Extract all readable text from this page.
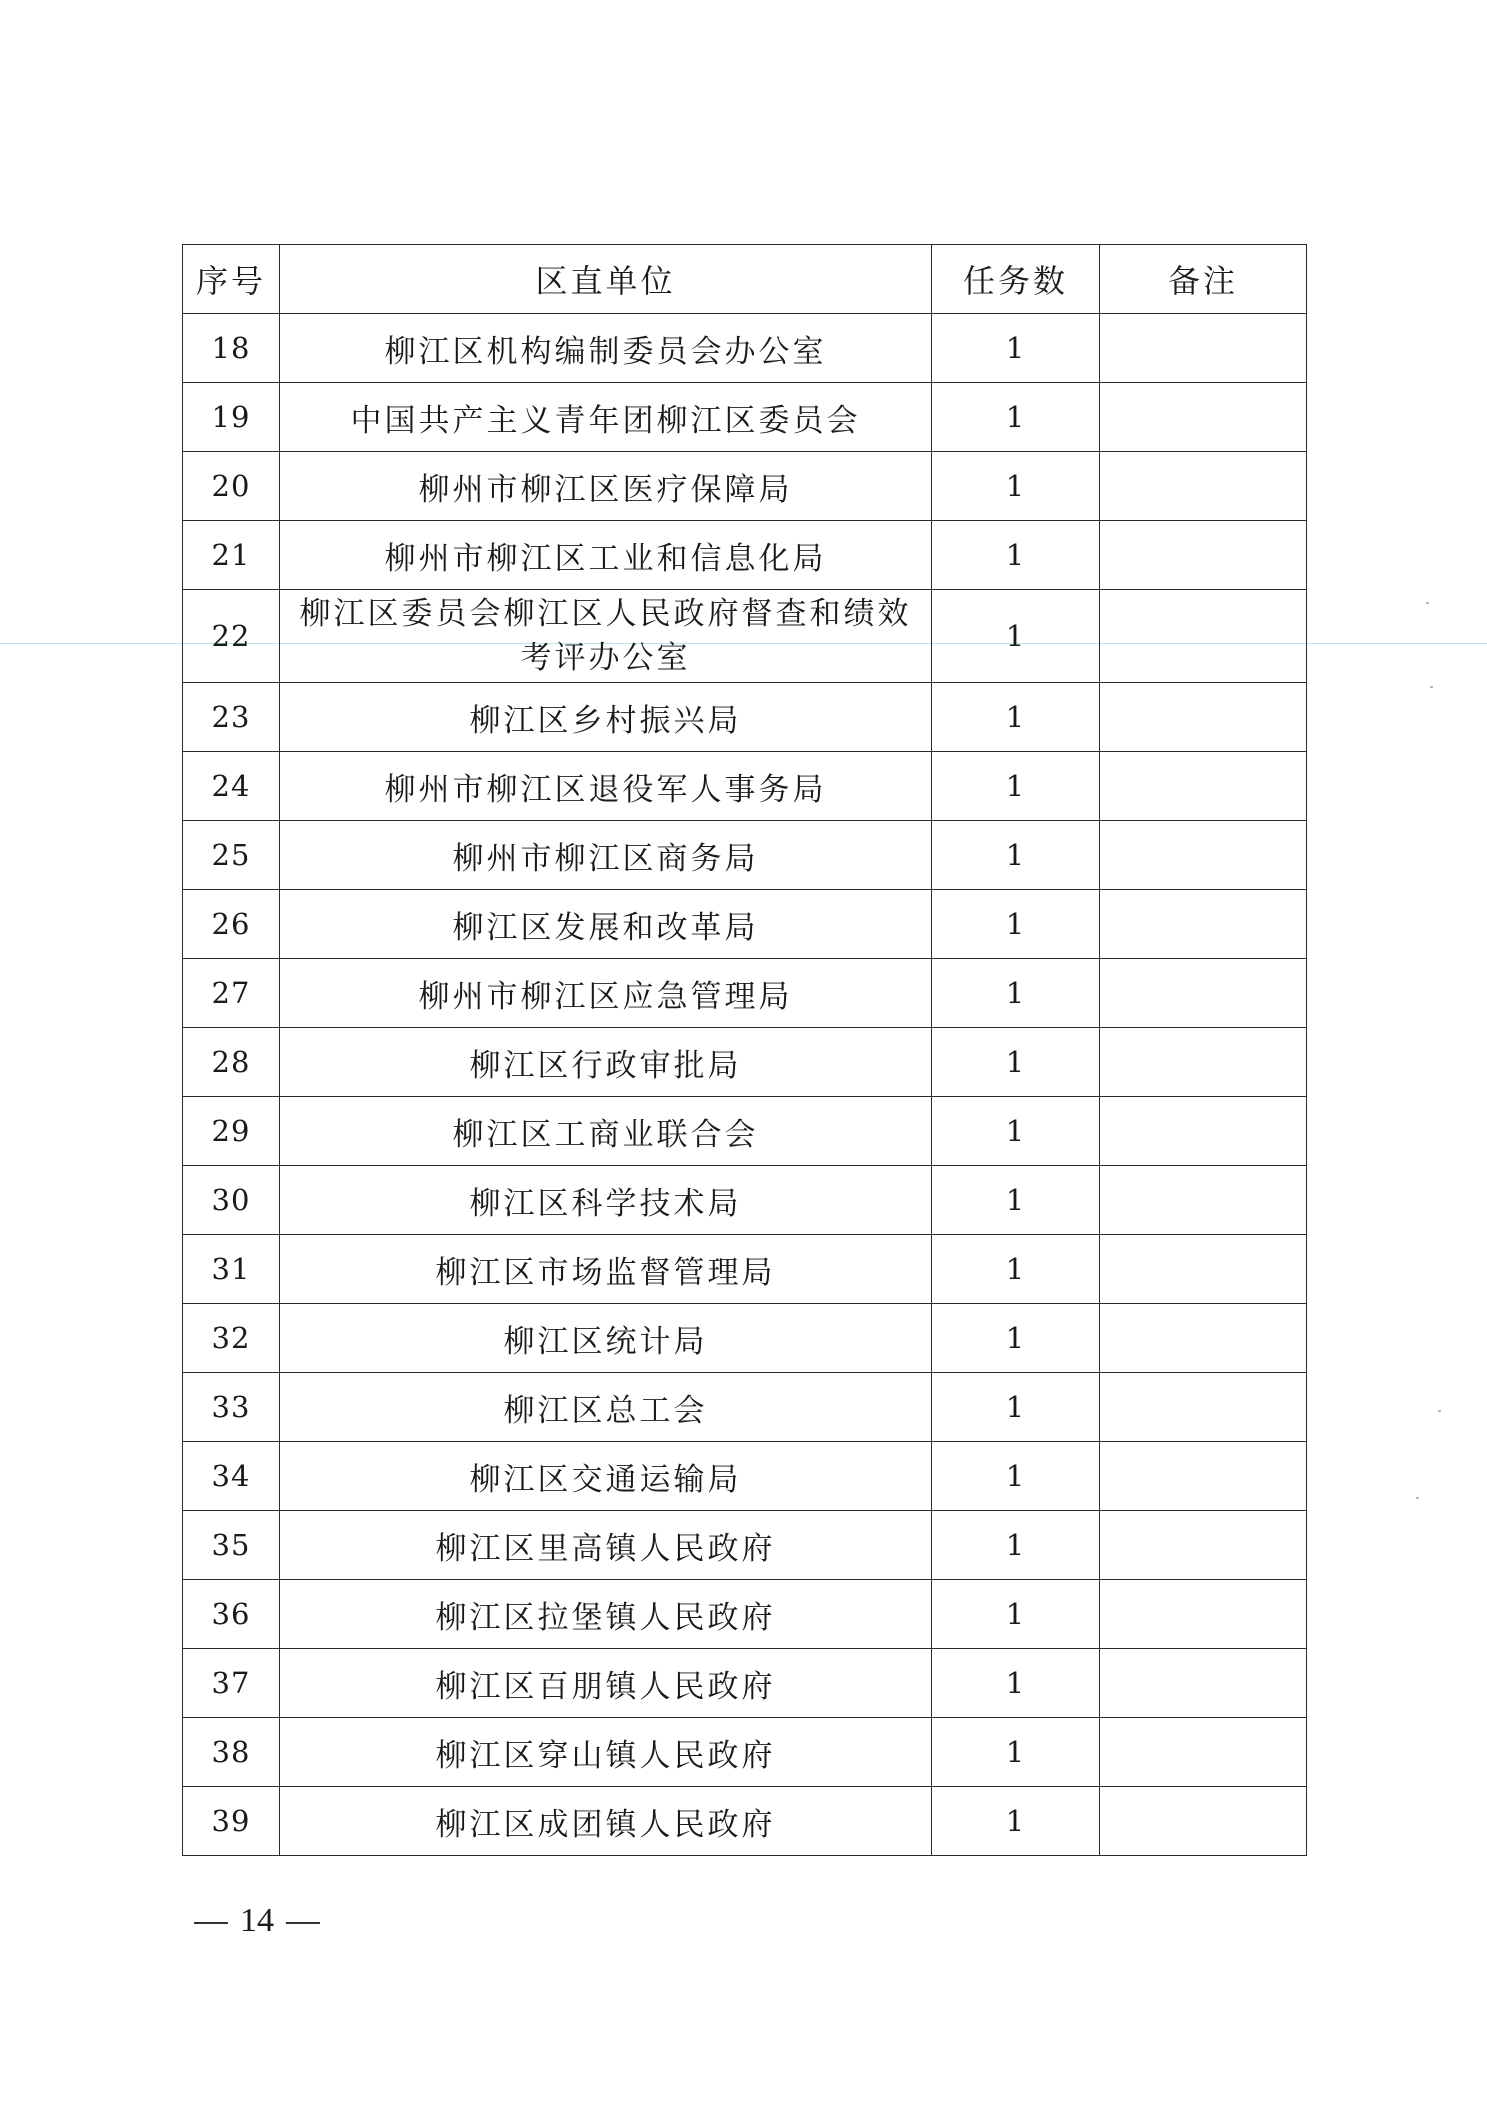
序号	区直单位	任务数	备注
18	柳江区机构编制委员会办公室	1	
19	中国共产主义青年团柳江区委员会	1	
20	柳州市柳江区医疗保障局	1	
21	柳州市柳江区工业和信息化局	1	
22	柳江区委员会柳江区人民政府督查和绩效
考评办公室	1	
23	柳江区乡村振兴局	1	
24	柳州市柳江区退役军人事务局	1	
25	柳州市柳江区商务局	1	
26	柳江区发展和改革局	1	
27	柳州市柳江区应急管理局	1	
28	柳江区行政审批局	1	
29	柳江区工商业联合会	1	
30	柳江区科学技术局	1	
31	柳江区市场监督管理局	1	
32	柳江区统计局	1	
33	柳江区总工会	1	
34	柳江区交通运输局	1	
35	柳江区里高镇人民政府	1	
36	柳江区拉堡镇人民政府	1	
37	柳江区百朋镇人民政府	1	
38	柳江区穿山镇人民政府	1	
39	柳江区成团镇人民政府	1	
14
